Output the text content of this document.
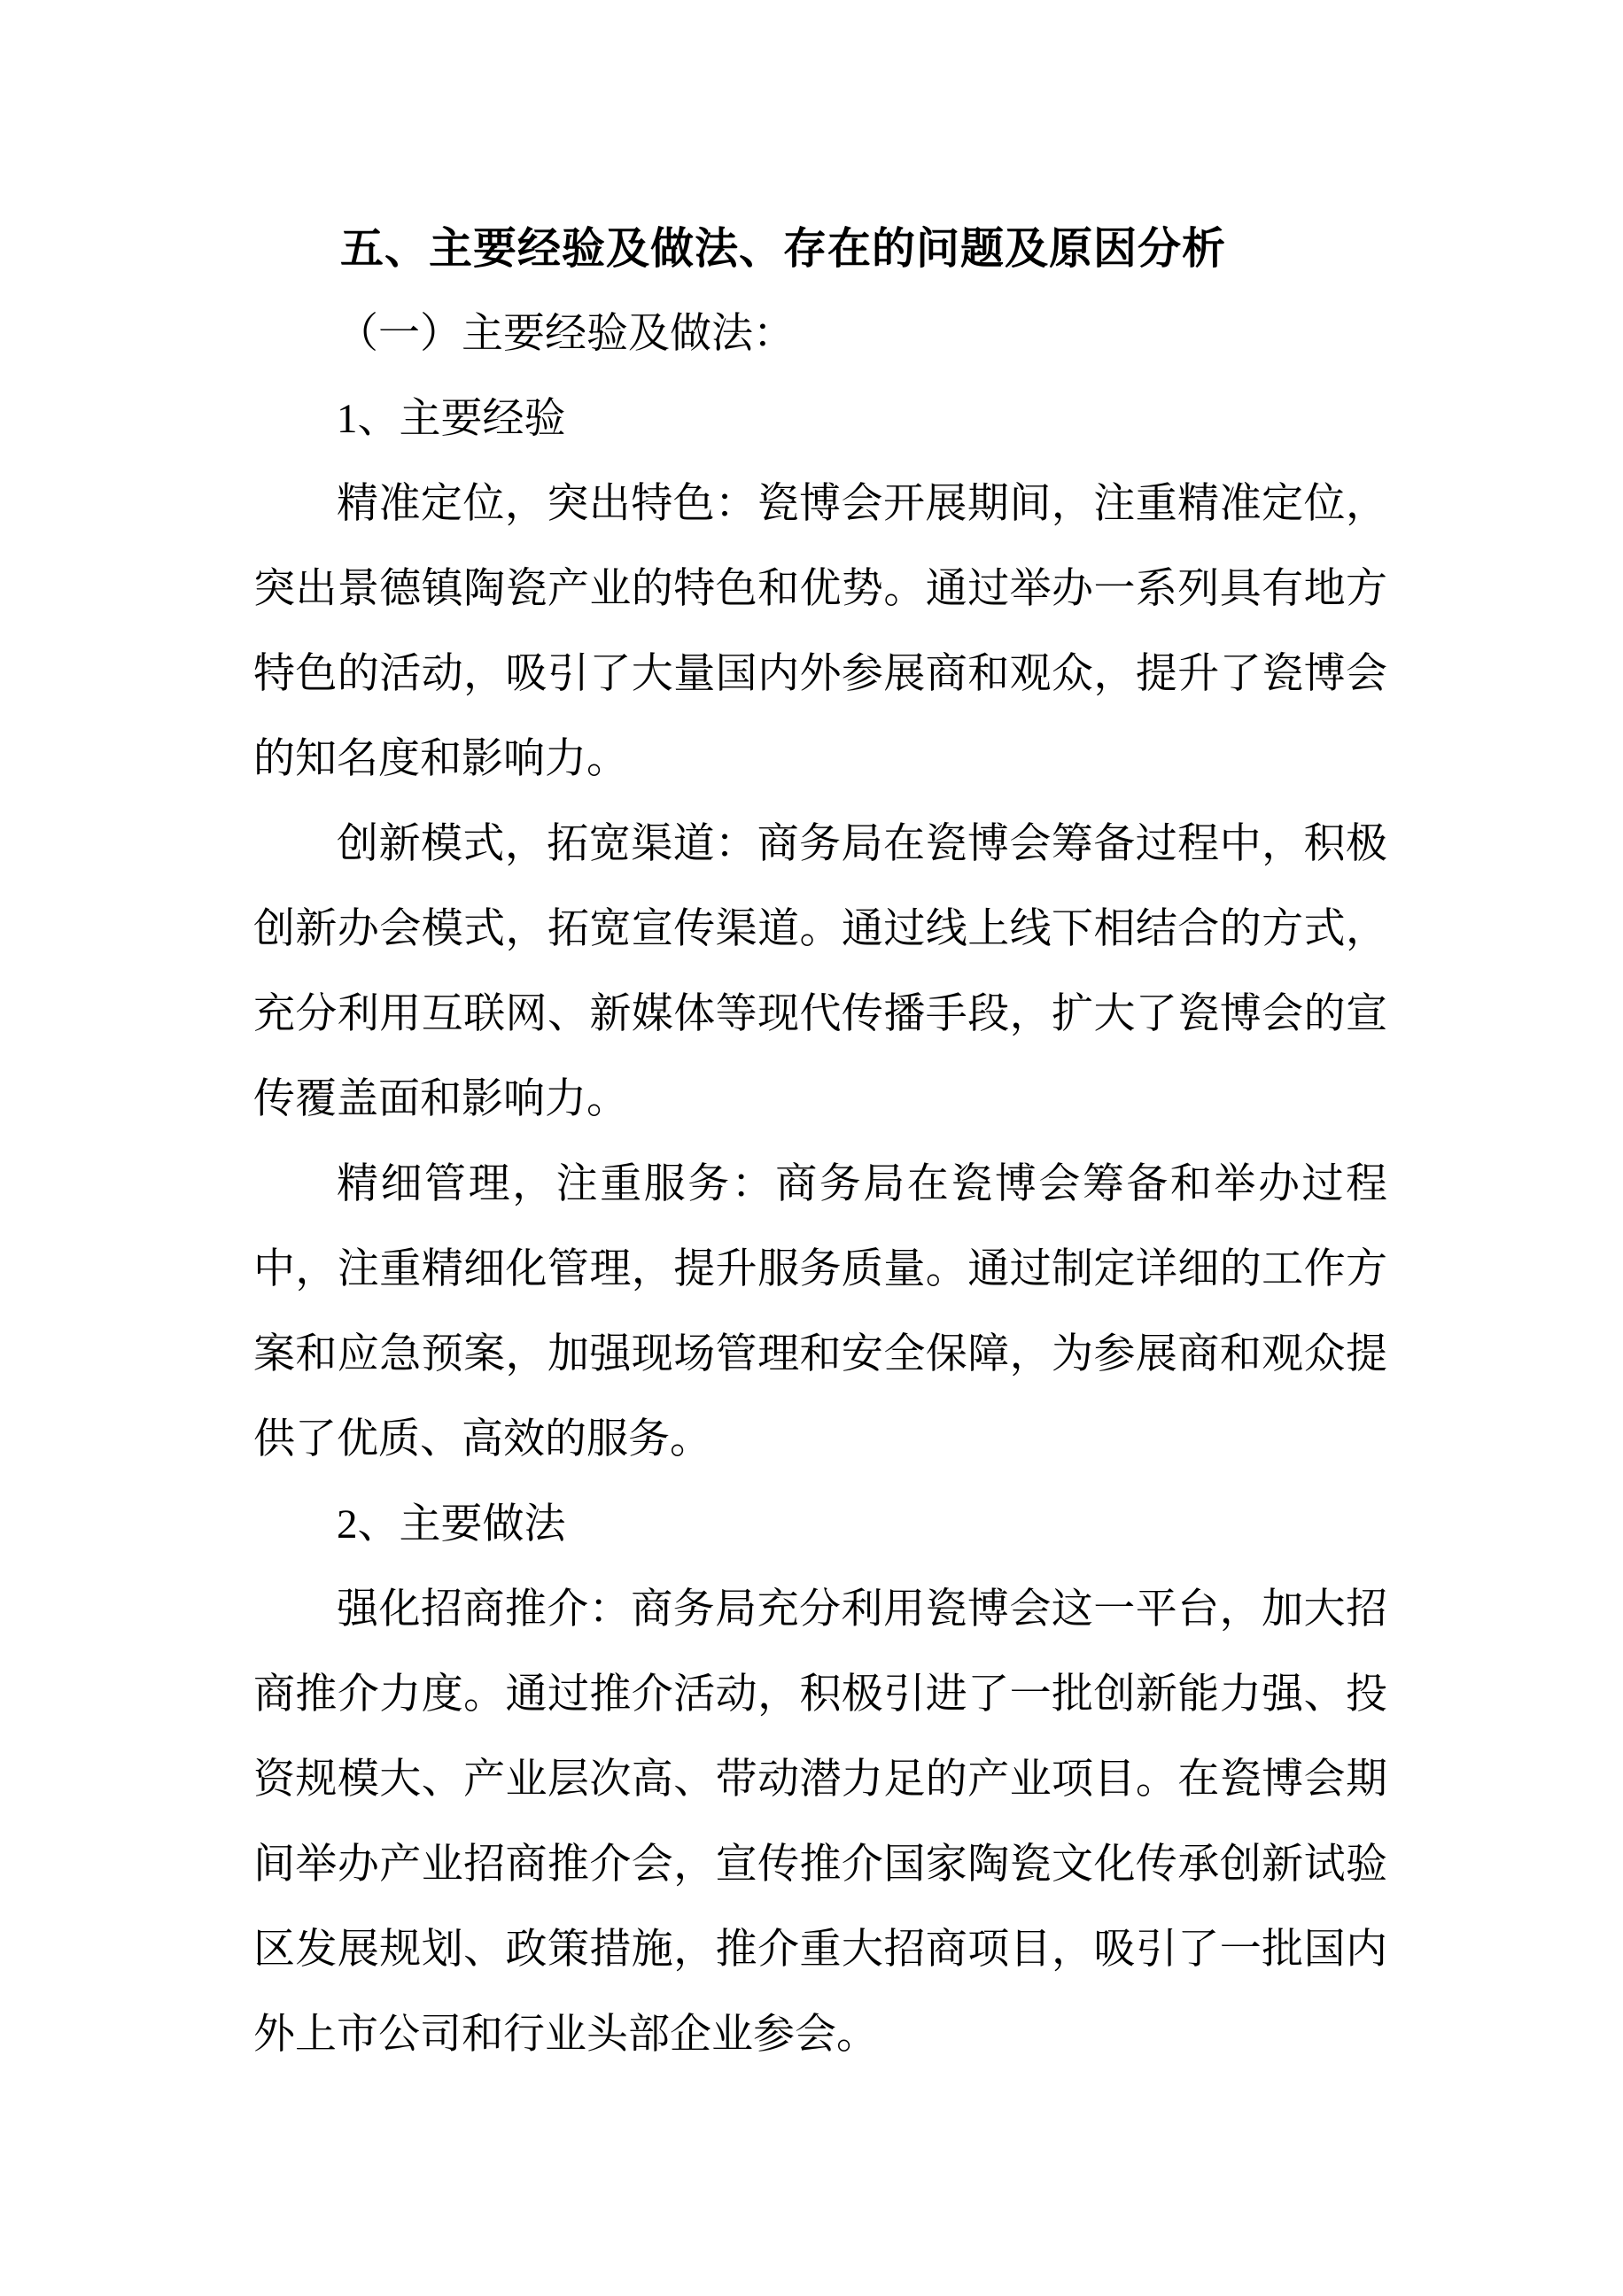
五、主要经验及做法、存在的问题及原因分析

（一）主要经验及做法：

1、主要经验

精准定位，突出特色：瓷博会开展期间，注重精准定位，突出景德镇陶瓷产业的特色和优势。通过举办一系列具有地方特色的活动，吸引了大量国内外参展商和观众，提升了瓷博会的知名度和影响力。

创新模式，拓宽渠道：商务局在瓷博会筹备过程中，积极创新办会模式，拓宽宣传渠道。通过线上线下相结合的方式，充分利用互联网、新媒体等现代传播手段，扩大了瓷博会的宣传覆盖面和影响力。

精细管理，注重服务：商务局在瓷博会筹备和举办过程中，注重精细化管理，提升服务质量。通过制定详细的工作方案和应急预案，加强现场管理和安全保障，为参展商和观众提供了优质、高效的服务。

2、主要做法

强化招商推介：商务局充分利用瓷博会这一平台，加大招商推介力度。通过推介活动，积极引进了一批创新能力强、投资规模大、产业层次高、带动潜力足的产业项目。在瓷博会期间举办产业招商推介会，宣传推介国家陶瓷文化传承创新试验区发展规划、政策措施，推介重大招商项目，吸引了一批国内外上市公司和行业头部企业参会。
